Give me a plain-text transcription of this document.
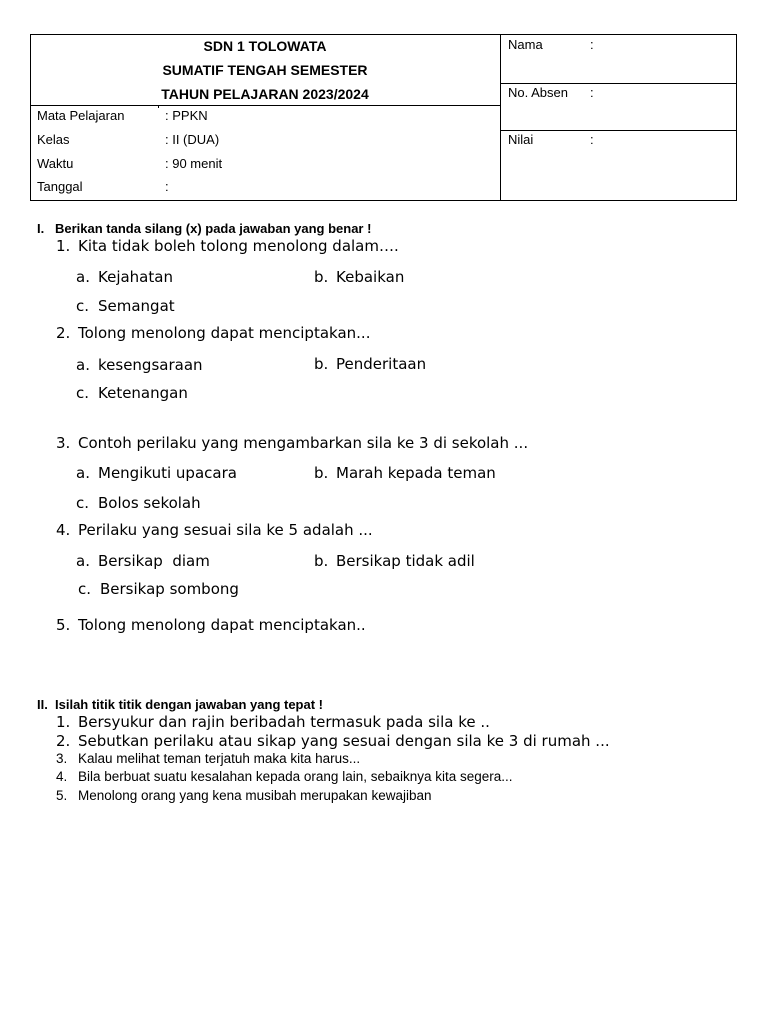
SDN 1 TOLOWATA
SUMATIF TENGAH SEMESTER
TAHUN PELAJARAN 2023/2024
Mata Pelajaran	: PPKN
Kelas	: II (DUA)
Waktu	: 90 menit
Tanggal	:
Nama	:
No. Absen :
Nilai	:
I. Berikan tanda silang (x) pada jawaban yang benar !
1. Kita tidak boleh tolong menolong dalam….
a. Kejahatan	b. Kebaikan
c. Semangat
2. Tolong menolong dapat menciptakan...
a. kesengsaraan	b. Penderitaan
c. Ketenangan
3. Contoh perilaku yang mengambarkan sila ke 3 di sekolah ...
a. Mengikuti upacara	b. Marah kepada teman
c. Bolos sekolah
4. Perilaku yang sesuai sila ke 5 adalah ...
a. Bersikap  diam	b. Bersikap tidak adil
c. Bersikap sombong
5. Tolong menolong dapat menciptakan..
II. Isilah titik titik dengan jawaban yang tepat !
1. Bersyukur dan rajin beribadah termasuk pada sila ke ..
2. Sebutkan perilaku atau sikap yang sesuai dengan sila ke 3 di rumah ...
3. Kalau melihat teman terjatuh maka kita harus...
4. Bila berbuat suatu kesalahan kepada orang lain, sebaiknya kita segera...
5. Menolong orang yang kena musibah merupakan kewajiban
